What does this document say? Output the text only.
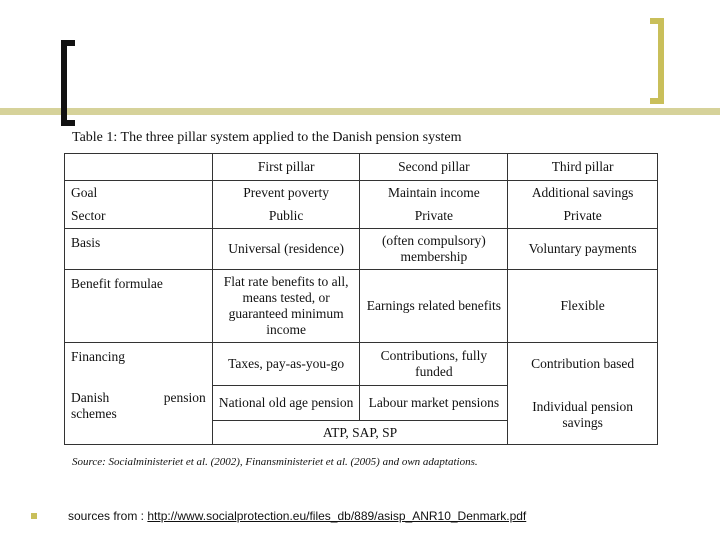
Table 1: The three pillar system applied to the Danish pension system
	First pillar	Second pillar	Third pillar
Goal	Prevent poverty	Maintain income	Additional savings
Sector	Public	Private	Private
Basis	Universal (residence)	(often compulsory) membership	Voluntary payments
Benefit formulae	Flat rate benefits to all, means tested, or guaranteed minimum income	Earnings related benefits	Flexible
Financing	Taxes, pay-as-you-go	Contributions, fully funded	Contribution based

Danish pension
schemes	National old age pension	Labour market pensions	Individual pension savings
	ATP, SAP, SP		
Source: Socialministeriet et al. (2002), Finansministeriet et al. (2005) and own adaptations.
sources from : http://www.socialprotection.eu/files_db/889/asisp_ANR10_Denmark.pdf
